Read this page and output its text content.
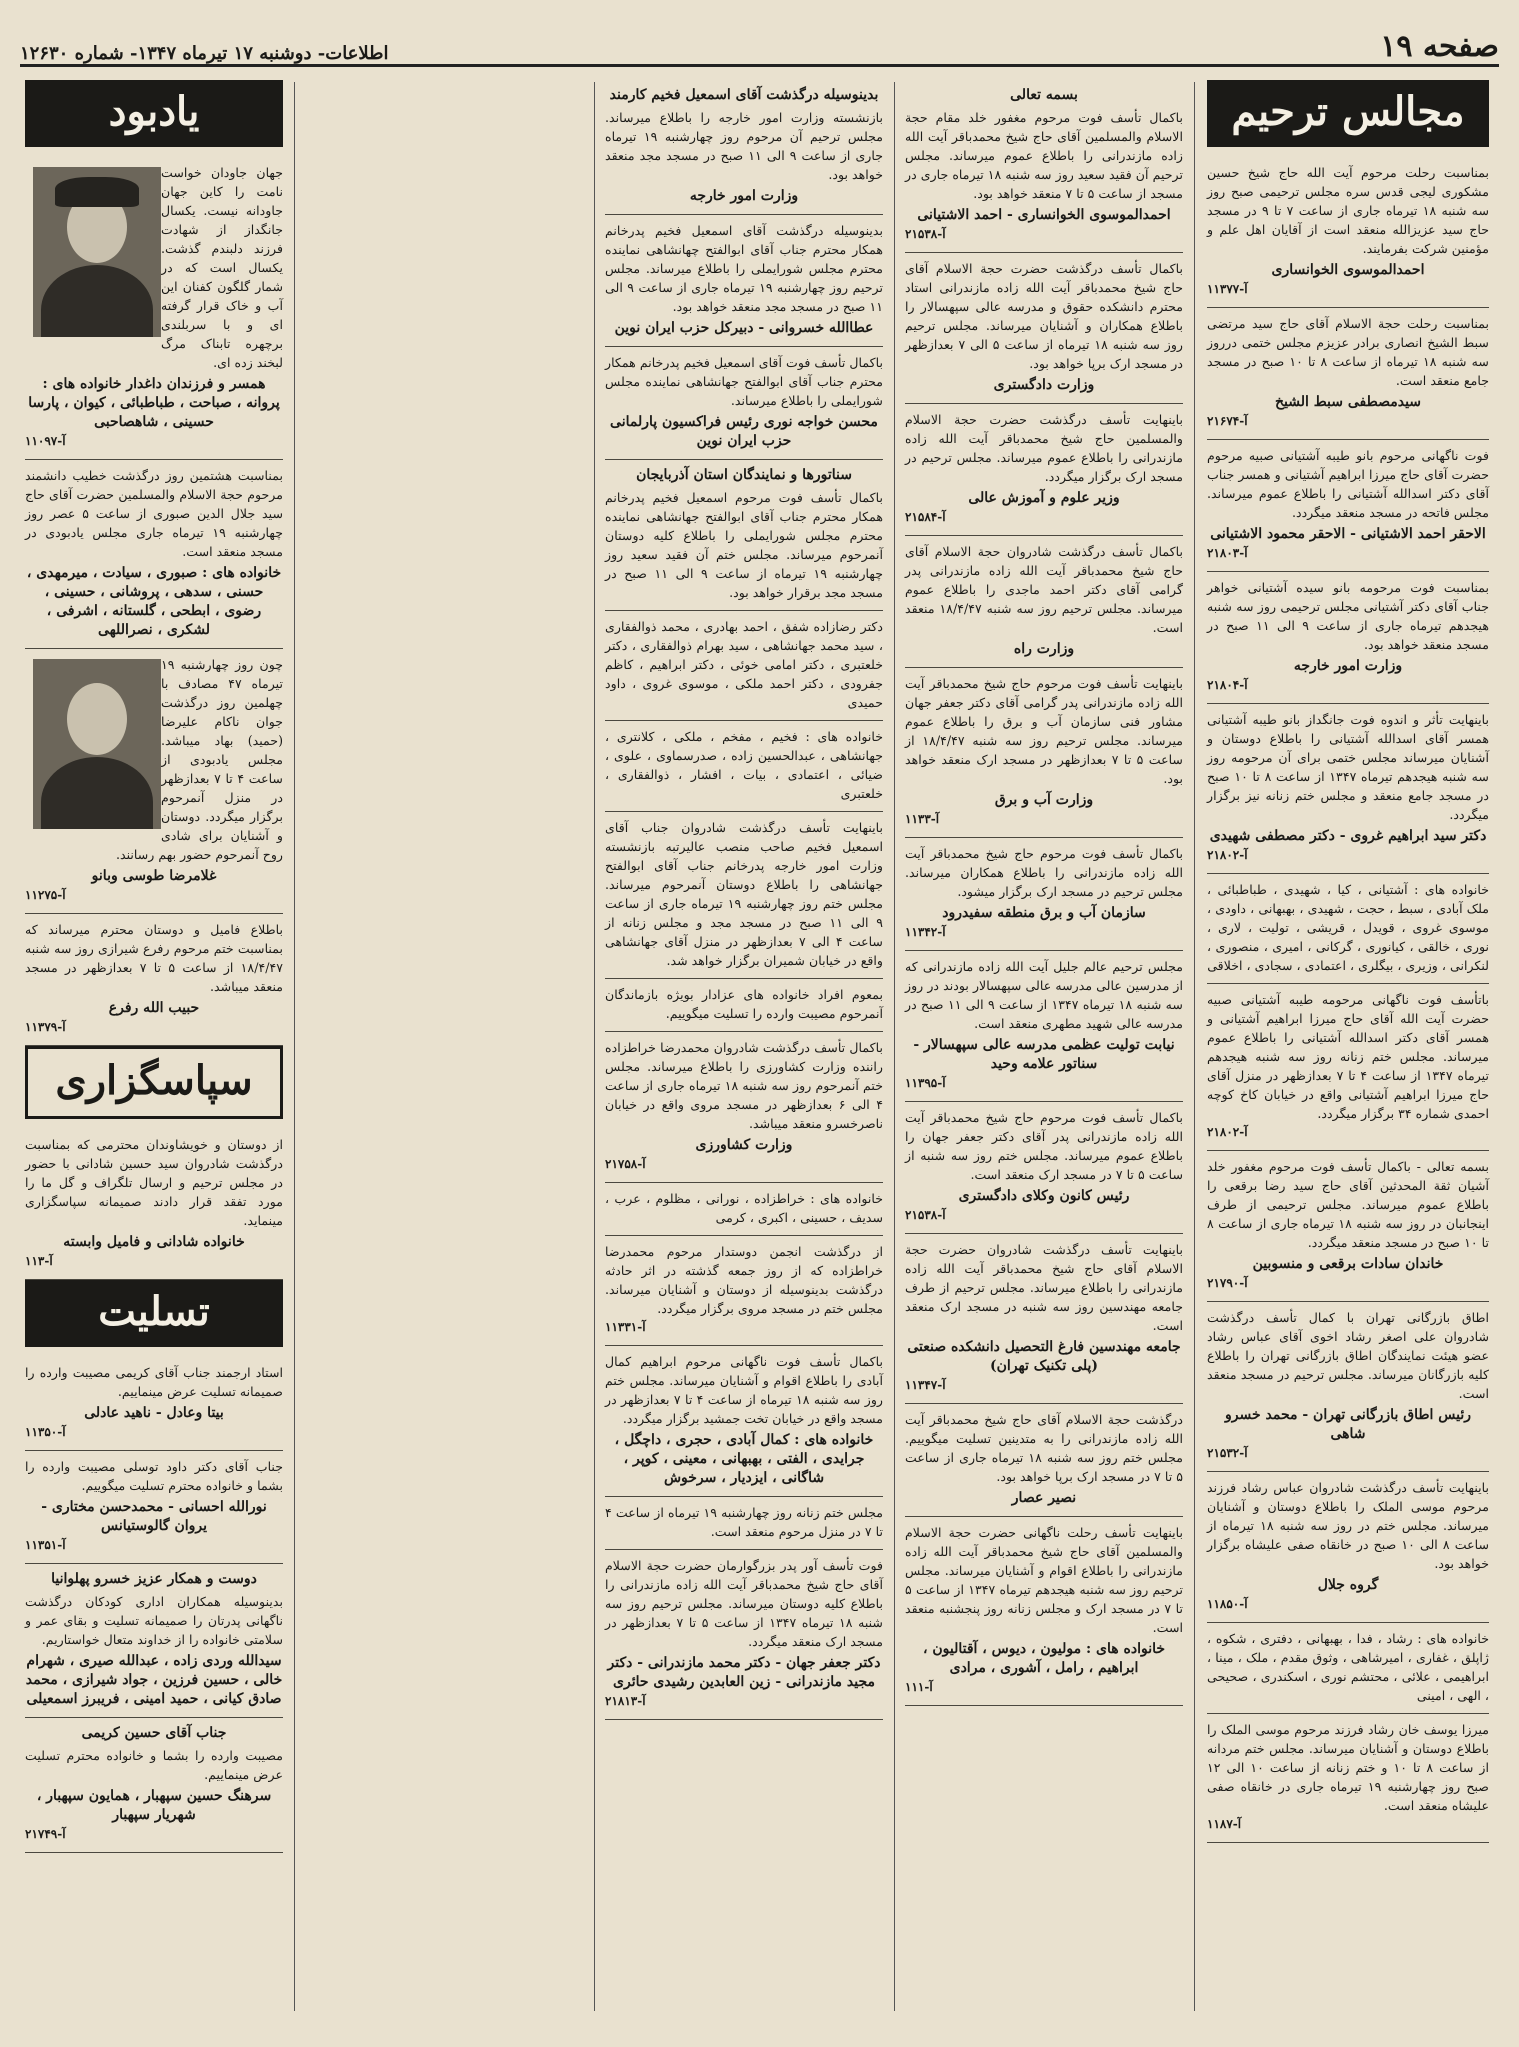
صفحه ۱۹
اطلاعات- دوشنبه ۱۷ تیرماه ۱۳۴۷- شماره ۱۲۶۳۰
مجالس ترحیم
بمناسبت رحلت مرحوم آیت الله حاج شیخ حسین مشکوری لیجی قدس سره مجلس ترحیمی صبح روز سه شنبه ۱۸ تیرماه جاری از ساعت ۷ تا ۹ در مسجد حاج سید عزیزالله منعقد است از آقایان اهل علم و مؤمنین شرکت بفرمایند.
احمدالموسوی الخوانساری
آ-۱۱۳۷۷
بمناسبت رحلت حجة الاسلام آقای حاج سید مرتضی سبط الشیخ انصاری برادر عزیزم مجلس ختمی درروز سه شنبه ۱۸ تیرماه از ساعت ۸ تا ۱۰ صبح در مسجد جامع منعقد است.
سیدمصطفی سبط الشیخ
آ-۲۱۶۷۴
فوت ناگهانی مرحوم بانو طیبه آشتیانی صبیه مرحوم حضرت آقای حاج میرزا ابراهیم آشتیانی و همسر جناب آقای دکتر اسدالله آشتیانی را باطلاع عموم میرساند. مجلس فاتحه در مسجد منعقد میگردد.
الاحقر احمد الاشتیانی - الاحقر محمود الاشتیانی
آ-۲۱۸۰۳
بمناسبت فوت مرحومه بانو سیده آشتیانی خواهر جناب آقای دکتر آشتیانی مجلس ترحیمی روز سه شنبه هیجدهم تیرماه جاری از ساعت ۹ الی ۱۱ صبح در مسجد منعقد خواهد بود.
وزارت امور خارجه
آ-۲۱۸۰۴
باینهایت تأثر و اندوه فوت جانگداز بانو طیبه آشتیانی همسر آقای اسدالله آشتیانی را باطلاع دوستان و آشنایان میرساند مجلس ختمی برای آن مرحومه روز سه شنبه هیجدهم تیرماه ۱۳۴۷ از ساعت ۸ تا ۱۰ صبح در مسجد جامع منعقد و مجلس ختم زنانه نیز برگزار میگردد.
دکتر سید ابراهیم غروی - دکتر مصطفی شهیدی
آ-۲۱۸۰۲
خانواده های : آشتیانی ، کیا ، شهیدی ، طباطبائی ، ملک آبادی ، سبط ، حجت ، شهیدی ، بهبهانی ، داودی ، موسوی غروی ، قویدل ، قریشی ، تولیت ، لاری ، نوری ، خالقی ، کیانوری ، گرکانی ، امیری ، منصوری ، لنکرانی ، وزیری ، بیگلری ، اعتمادی ، سجادی ، اخلاقی
باتأسف فوت ناگهانی مرحومه طیبه آشتیانی صبیه حضرت آیت الله آقای حاج میرزا ابراهیم آشتیانی و همسر آقای دکتر اسدالله آشتیانی را باطلاع عموم میرساند. مجلس ختم زنانه روز سه شنبه هیجدهم تیرماه ۱۳۴۷ از ساعت ۴ تا ۷ بعدازظهر در منزل آقای حاج میرزا ابراهیم آشتیانی واقع در خیابان کاخ کوچه احمدی شماره ۳۴ برگزار میگردد.
آ-۲۱۸۰۲
بسمه تعالی - باکمال تأسف فوت مرحوم مغفور خلد آشیان ثقة المحدثین آقای حاج سید رضا برقعی را باطلاع عموم میرساند. مجلس ترحیمی از طرف اینجانبان در روز سه شنبه ۱۸ تیرماه جاری از ساعت ۸ تا ۱۰ صبح در مسجد منعقد میگردد.
خاندان سادات برقعی و منسوبین
آ-۲۱۷۹۰
اطاق بازرگانی تهران با کمال تأسف درگذشت شادروان علی اصغر رشاد اخوی آقای عباس رشاد عضو هیئت نمایندگان اطاق بازرگانی تهران را باطلاع کلیه بازرگانان میرساند. مجلس ترحیم در مسجد منعقد است.
رئیس اطاق بازرگانی تهران - محمد خسرو شاهی
آ-۲۱۵۳۲
باینهایت تأسف درگذشت شادروان عباس رشاد فرزند مرحوم موسی الملک را باطلاع دوستان و آشنایان میرساند. مجلس ختم در روز سه شنبه ۱۸ تیرماه از ساعت ۸ الی ۱۰ صبح در خانقاه صفی علیشاه برگزار خواهد بود.
گروه جلال
آ-۱۱۸۵۰
خانواده های : رشاد ، فدا ، بهبهانی ، دفتری ، شکوه ، ژاپلق ، غفاری ، امیرشاهی ، وثوق مقدم ، ملک ، مینا ، ابراهیمی ، علائی ، محتشم نوری ، اسکندری ، صحیحی ، الهی ، امینی
میرزا یوسف خان رشاد فرزند مرحوم موسی الملک را باطلاع دوستان و آشنایان میرساند. مجلس ختم مردانه از ساعت ۸ تا ۱۰ و ختم زنانه از ساعت ۱۰ الی ۱۲ صبح روز چهارشنبه ۱۹ تیرماه جاری در خانقاه صفی علیشاه منعقد است.
آ-۱۱۸۷
بسمه تعالی
باکمال تأسف فوت مرحوم مغفور خلد مقام حجة الاسلام والمسلمین آقای حاج شیخ محمدباقر آیت الله زاده مازندرانی را باطلاع عموم میرساند. مجلس ترحیم آن فقید سعید روز سه شنبه ۱۸ تیرماه جاری در مسجد از ساعت ۵ تا ۷ منعقد خواهد بود.
احمدالموسوی الخوانساری - احمد الاشتیانی
آ-۲۱۵۳۸
باکمال تأسف درگذشت حضرت حجة الاسلام آقای حاج شیخ محمدباقر آیت الله زاده مازندرانی استاد محترم دانشکده حقوق و مدرسه عالی سپهسالار را باطلاع همکاران و آشنایان میرساند. مجلس ترحیم روز سه شنبه ۱۸ تیرماه از ساعت ۵ الی ۷ بعدازظهر در مسجد ارک برپا خواهد بود.
وزارت دادگستری
باینهایت تأسف درگذشت حضرت حجة الاسلام والمسلمین حاج شیخ محمدباقر آیت الله زاده مازندرانی را باطلاع عموم میرساند. مجلس ترحیم در مسجد ارک برگزار میگردد.
وزیر علوم و آموزش عالی
آ-۲۱۵۸۴
باکمال تأسف درگذشت شادروان حجة الاسلام آقای حاج شیخ محمدباقر آیت الله زاده مازندرانی پدر گرامی آقای دکتر احمد ماجدی را باطلاع عموم میرساند. مجلس ترحیم روز سه شنبه ۱۸/۴/۴۷ منعقد است.
وزارت راه
باینهایت تأسف فوت مرحوم حاج شیخ محمدباقر آیت الله زاده مازندرانی پدر گرامی آقای دکتر جعفر جهان مشاور فنی سازمان آب و برق را باطلاع عموم میرساند. مجلس ترحیم روز سه شنبه ۱۸/۴/۴۷ از ساعت ۵ تا ۷ بعدازظهر در مسجد ارک منعقد خواهد بود.
وزارت آب و برق
آ-۱۱۳۳
باکمال تأسف فوت مرحوم حاج شیخ محمدباقر آیت الله زاده مازندرانی را باطلاع همکاران میرساند. مجلس ترحیم در مسجد ارک برگزار میشود.
سازمان آب و برق منطقه سفیدرود
آ-۱۱۳۴۲
مجلس ترحیم عالم جلیل آیت الله زاده مازندرانی که از مدرسین عالی مدرسه عالی سپهسالار بودند در روز سه شنبه ۱۸ تیرماه ۱۳۴۷ از ساعت ۹ الی ۱۱ صبح در مدرسه عالی شهید مطهری منعقد است.
نیابت تولیت عظمی مدرسه عالی سپهسالار - سناتور علامه وحید
آ-۱۱۳۹۵
باکمال تأسف فوت مرحوم حاج شیخ محمدباقر آیت الله زاده مازندرانی پدر آقای دکتر جعفر جهان را باطلاع عموم میرساند. مجلس ختم روز سه شنبه از ساعت ۵ تا ۷ در مسجد ارک منعقد است.
رئیس کانون وکلای دادگستری
آ-۲۱۵۳۸
باینهایت تأسف درگذشت شادروان حضرت حجة الاسلام آقای حاج شیخ محمدباقر آیت الله زاده مازندرانی را باطلاع میرساند. مجلس ترحیم از طرف جامعه مهندسین روز سه شنبه در مسجد ارک منعقد است.
جامعه مهندسین فارغ التحصیل دانشکده صنعتی (پلی تکنیک تهران)
آ-۱۱۳۴۷
درگذشت حجة الاسلام آقای حاج شیخ محمدباقر آیت الله زاده مازندرانی را به متدینین تسلیت میگوییم. مجلس ختم روز سه شنبه ۱۸ تیرماه جاری از ساعت ۵ تا ۷ در مسجد ارک برپا خواهد بود.
نصیر عصار
باینهایت تأسف رحلت ناگهانی حضرت حجة الاسلام والمسلمین آقای حاج شیخ محمدباقر آیت الله زاده مازندرانی را باطلاع اقوام و آشنایان میرساند. مجلس ترحیم روز سه شنبه هیجدهم تیرماه ۱۳۴۷ از ساعت ۵ تا ۷ در مسجد ارک و مجلس زنانه روز پنجشنبه منعقد است.
خانواده های : مولیون ، دیوس ، آقتالیون ، ابراهیم ، رامل ، آشوری ، مرادی
آ-۱۱۱
بدینوسیله درگذشت آقای اسمعیل فخیم کارمند
بازنشسته وزارت امور خارجه را باطلاع میرساند. مجلس ترحیم آن مرحوم روز چهارشنبه ۱۹ تیرماه جاری از ساعت ۹ الی ۱۱ صبح در مسجد مجد منعقد خواهد بود.
وزارت امور خارجه
بدینوسیله درگذشت آقای اسمعیل فخیم پدرخانم همکار محترم جناب آقای ابوالفتح چهانشاهی نماینده محترم مجلس شورایملی را باطلاع میرساند. مجلس ترحیم روز چهارشنبه ۱۹ تیرماه جاری از ساعت ۹ الی ۱۱ صبح در مسجد مجد منعقد خواهد بود.
عطاالله خسروانی - دبیرکل حزب ایران نوین
باکمال تأسف فوت آقای اسمعیل فخیم پدرخانم همکار محترم جناب آقای ابوالفتح جهانشاهی نماینده مجلس شورایملی را باطلاع میرساند.
محسن خواجه نوری رئیس فراکسیون پارلمانی حزب ایران نوین
سناتورها و نمایندگان استان آذربایجان
باکمال تأسف فوت مرحوم اسمعیل فخیم پدرخانم همکار محترم جناب آقای ابوالفتح جهانشاهی نماینده محترم مجلس شورایملی را باطلاع کلیه دوستان آنمرحوم میرساند. مجلس ختم آن فقید سعید روز چهارشنبه ۱۹ تیرماه از ساعت ۹ الی ۱۱ صبح در مسجد مجد برقرار خواهد بود.
دکتر رضازاده شفق ، احمد بهادری ، محمد ذوالفقاری ، سید محمد جهانشاهی ، سید بهرام ذوالفقاری ، دکتر خلعتبری ، دکتر امامی خوئی ، دکتر ابراهیم ، کاظم جفرودی ، دکتر احمد ملکی ، موسوی غروی ، داود حمیدی
خانواده های : فخیم ، مفخم ، ملکی ، کلانتری ، جهانشاهی ، عبدالحسین زاده ، صدرسماوی ، علوی ، ضیائی ، اعتمادی ، بیات ، افشار ، ذوالفقاری ، خلعتبری
باینهایت تأسف درگذشت شادروان جناب آقای اسمعیل فخیم صاحب منصب عالیرتبه بازنشسته وزارت امور خارجه پدرخانم جناب آقای ابوالفتح جهانشاهی را باطلاع دوستان آنمرحوم میرساند. مجلس ختم روز چهارشنبه ۱۹ تیرماه جاری از ساعت ۹ الی ۱۱ صبح در مسجد مجد و مجلس زنانه از ساعت ۴ الی ۷ بعدازظهر در منزل آقای جهانشاهی واقع در خیابان شمیران برگزار خواهد شد.
بمعوم افراد خانواده های عزادار بویژه بازماندگان آنمرحوم مصیبت وارده را تسلیت میگوییم.
باکمال تأسف درگذشت شادروان محمدرضا خراطزاده راننده وزارت کشاورزی را باطلاع میرساند. مجلس ختم آنمرحوم روز سه شنبه ۱۸ تیرماه جاری از ساعت ۴ الی ۶ بعدازظهر در مسجد مروی واقع در خیابان ناصرخسرو منعقد میباشد.
وزارت کشاورزی
آ-۲۱۷۵۸
خانواده های : خراطزاده ، نورانی ، مظلوم ، عرب ، سدیف ، حسینی ، اکبری ، کرمی
از درگذشت انجمن دوستدار مرحوم محمدرضا خراطزاده که از روز جمعه گذشته در اثر حادثه درگذشت بدینوسیله از دوستان و آشنایان میرساند. مجلس ختم در مسجد مروی برگزار میگردد.
آ-۱۱۳۳۱
باکمال تأسف فوت ناگهانی مرحوم ابراهیم کمال آبادی را باطلاع اقوام و آشنایان میرساند. مجلس ختم روز سه شنبه ۱۸ تیرماه از ساعت ۴ تا ۷ بعدازظهر در مسجد واقع در خیابان تخت جمشید برگزار میگردد.
خانواده های : کمال آبادی ، حجری ، داچگل ، جرایدی ، الفتی ، بهبهانی ، معینی ، کوپر ، شاگانی ، ایزدیار ، سرخوش
مجلس ختم زنانه روز چهارشنبه ۱۹ تیرماه از ساعت ۴ تا ۷ در منزل مرحوم منعقد است.
فوت تأسف آور پدر بزرگوارمان حضرت حجة الاسلام آقای حاج شیخ محمدباقر آیت الله زاده مازندرانی را باطلاع کلیه دوستان میرساند. مجلس ترحیم روز سه شنبه ۱۸ تیرماه ۱۳۴۷ از ساعت ۵ تا ۷ بعدازظهر در مسجد ارک منعقد میگردد.
دکتر جعفر جهان - دکتر محمد مازندرانی - دکتر مجید مازندرانی - زین العابدین رشیدی حائری
آ-۲۱۸۱۳
یادبود
جهان جاودان خواست نامت را کاین جهان جاودانه نیست. یکسال جانگداز از شهادت فرزند دلبندم گذشت. یکسال است که در شمار گلگون کفنان این آب و خاک قرار گرفته ای و با سربلندی برچهره تابناک مرگ لبخند زده ای.
همسر و فرزندان داغدار خانواده های : پروانه ، صباحت ، طباطبائی ، کیوان ، پارسا حسینی ، شاهصاحبی
آ-۱۱۰۹۷
بمناسبت هشتمین روز درگذشت خطیب دانشمند مرحوم حجة الاسلام والمسلمین حضرت آقای حاج سید جلال الدین صبوری از ساعت ۵ عصر روز چهارشنبه ۱۹ تیرماه جاری مجلس یادبودی در مسجد منعقد است.
خانواده های : صبوری ، سیادت ، میرمهدی ، حسنی ، سدهی ، پروشانی ، حسینی ، رضوی ، ابطحی ، گلستانه ، اشرفی ، لشکری ، نصراللهی
چون روز چهارشنبه ۱۹ تیرماه ۴۷ مصادف با چهلمین روز درگذشت جوان ناکام علیرضا (حمید) بهاد میباشد. مجلس یادبودی از ساعت ۴ تا ۷ بعدازظهر در منزل آنمرحوم برگزار میگردد. دوستان و آشنایان برای شادی روح آنمرحوم حضور بهم رسانند.
غلامرضا طوسی وبانو
آ-۱۱۲۷۵
باطلاع فامیل و دوستان محترم میرساند که بمناسبت ختم مرحوم رفرع شیرازی روز سه شنبه ۱۸/۴/۴۷ از ساعت ۵ تا ۷ بعدازظهر در مسجد منعقد میباشد.
حبیب الله رفرع
آ-۱۱۳۷۹
سپاسگزاری
از دوستان و خویشاوندان محترمی که بمناسبت درگذشت شادروان سید حسین شادانی با حضور در مجلس ترحیم و ارسال تلگراف و گل ما را مورد تفقد قرار دادند صمیمانه سپاسگزاری مینماید.
خانواده شادانی و فامیل وابسته
آ-۱۱۳
تسلیت
استاد ارجمند جناب آقای کریمی مصیبت وارده را صمیمانه تسلیت عرض مینماییم.
بیتا وعادل - ناهید عادلی
آ-۱۱۳۵۰
جناب آقای دکتر داود توسلی مصیبت وارده را بشما و خانواده محترم تسلیت میگوییم.
نورالله احسانی - محمدحسن مختاری - یروان گالوستیانس
آ-۱۱۳۵۱
دوست و همکار عزیز خسرو پهلوانیا
بدینوسیله همکاران اداری کودکان درگذشت ناگهانی پدرتان را صمیمانه تسلیت و بقای عمر و سلامتی خانواده را از خداوند متعال خواستاریم.
سیدالله وردی زاده ، عبدالله صیری ، شهرام خالی ، حسین فرزین ، جواد شیرازی ، محمد صادق کیانی ، حمید امینی ، فریبرز اسمعیلی
جناب آقای حسین کریمی
مصیبت وارده را بشما و خانواده محترم تسلیت عرض مینماییم.
سرهنگ حسین سپهبار ، همایون سپهبار ، شهریار سپهبار
آ-۲۱۷۴۹
